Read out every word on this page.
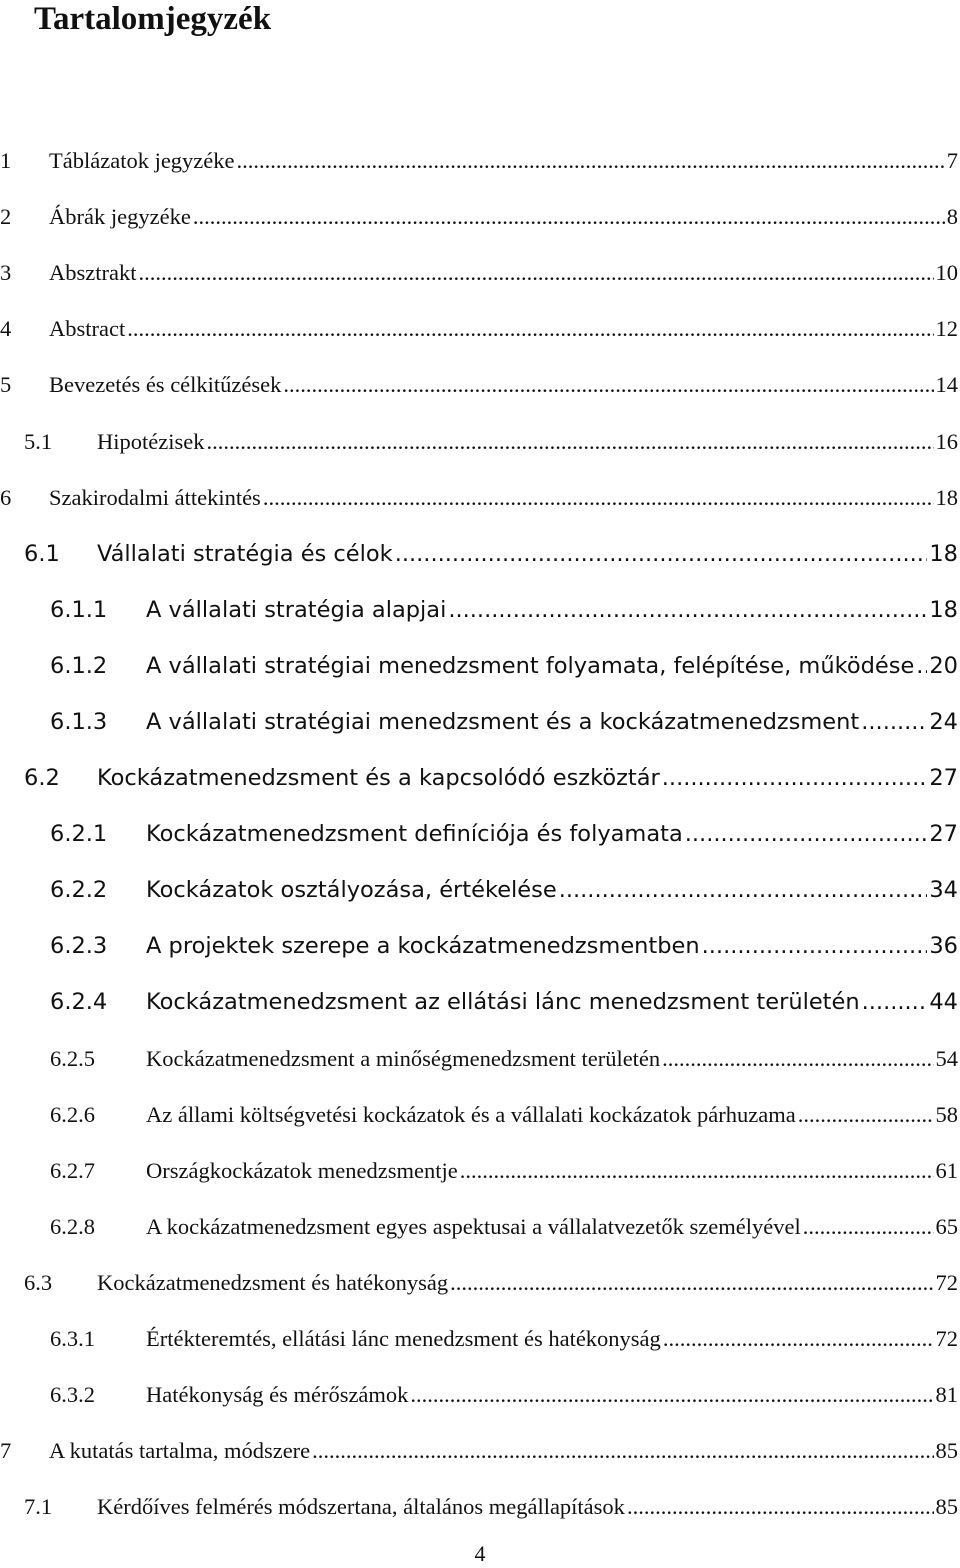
Tartalomjegyzék
1 Táblázatok jegyzéke .....	7
2 Ábrák jegyzéke .....	8
3 Absztrakt .....	10
4 Abstract .....	12
5 Bevezetés és célkitűzések .....	14
5.1 Hipotézisek .....	16
6 Szakirodalmi áttekintés .....	18
6.1 Vállalati stratégia és célok .....	18
6.1.1 A vállalati stratégia alapjai .....	18
6.1.2 A vállalati stratégiai menedzsment folyamata, felépítése, működése ..... 20
6.1.3 A vállalati stratégiai menedzsment és a kockázatmenedzsment .....	24
6.2 Kockázatmenedzsment és a kapcsolódó eszköztár .....	27
6.2.1 Kockázatmenedzsment definíciója és folyamata .....	27
6.2.2 Kockázatok osztályozása, értékelése .....	34
6.2.3 A projektek szerepe a kockázatmenedzsmentben .....	36
6.2.4 Kockázatmenedzsment az ellátási lánc menedzsment területén .....	44
6.2.5 Kockázatmenedzsment a minőségmenedzsment területén .....	54
6.2.6 Az állami költségvetési kockázatok és a vállalati kockázatok párhuzama .....	58
6.2.7 Országkockázatok menedzsmentje .....	61
6.2.8 A kockázatmenedzsment egyes aspektusai a vállalatvezetők személyével .....	65
6.3 Kockázatmenedzsment és hatékonyság .....	72
6.3.1 Értékteremtés, ellátási lánc menedzsment és hatékonyság .....	72
6.3.2 Hatékonyság és mérőszámok .....	81
7 A kutatás tartalma, módszere .....	85
7.1 Kérdőíves felmérés módszertana, általános megállapítások .....	85
4
